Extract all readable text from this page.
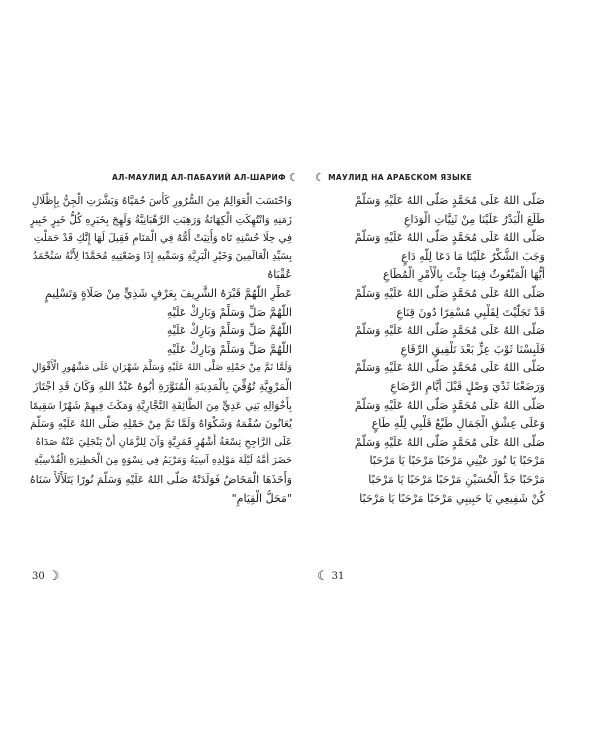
АЛ-МАУЛИД АЛ-ПАБАУИЙ АЛ-ШАРИФ ☾
وَاحْتَسَبَ الْعَوَالِمُ مِنَ السُّرُورِ كَأْسَ حُمَيَّاهُ وَبَشَّرَتِ الْجِنُّ بِإِظْلَالِ
زَمَنِهِ وَانْتُهِكَتِ الْكِهَانَةُ وَرَهِبَتِ الرَّهْبَانِيَّةُ وَلَهِجَ بِخَبَرِهِ كُلُّ خَبِرٍ خَبِيرٍ
فِي حِلَا حُسْنِهِ تَاهَ وَأُتِيَتْ أُمُّهُ فِي الْمَنَامِ فَقِيلَ لَهَا إِنَّكِ قَدْ حَمَلْتِ
بِسَيِّدِ الْعَالَمِينَ وَخَيْرِ الْبَرِيَّةِ وَسَمِّيهِ إِذَا وَضَعْتِيهِ مُحَمَّدًا لِأَنَّهُ سَتُحْمَدُ
عُقْبَاهُ
عَطِّرِ اللَّهُمَّ قَبْرَهُ الشَّرِيفَ بِعَرْفٍ شَذِيٍّ مِنْ صَلَاةٍ وَتَسْلِيمٍ
اللَّهُمَّ صَلِّ وَسَلِّمْ وَبَارِكْ عَلَيْهِ
اللَّهُمَّ صَلِّ وَسَلِّمْ وَبَارِكْ عَلَيْهِ
اللَّهُمَّ صَلِّ وَسَلِّمْ وَبَارِكْ عَلَيْهِ
وَلَمَّا تَمَّ مِنْ حَمْلِهِ صَلَّى اللهُ عَلَيْهِ وَسَلَّمَ شَهْرَانِ عَلَى مَشْهُورِ الْأَقْوَالِ
الْمَرْوِيَّةِ تُوُفِّيَ بِالْمَدِينَةِ الْمُنَوَّرَةِ أَبُوهُ عَبْدُ اللهِ وَكَانَ قَدِ اجْتَازَ
بِأَخْوَالِهِ بَنِي عَدِيٍّ مِنَ الطَّائِفَةِ النَّجَّارِيَّةِ وَمَكَثَ فِيهِمْ شَهْرًا سَقِيمًا
يُعَانُونَ سُقْمَهُ وَشَكْوَاهُ وَلَمَّا تَمَّ مِنْ حَمْلِهِ صَلَّى اللهُ عَلَيْهِ وَسَلَّمَ
عَلَى الرَّاجِحِ تِسْعَةُ أَشْهُرٍ قَمَرِيَّةٍ وَآنَ لِلزَّمَانِ أَنْ يَنْجَلِيَ عَنْهُ صَدَاهُ
حَضَرَ أُمَّهُ لَيْلَةَ مَوْلِدِهِ آسِيَةُ وَمَرْيَمُ فِي نِسْوَةٍ مِنَ الْحَظِيرَةِ الْقُدْسِيَّةِ
وَأَخَذَهَا الْمَخَاضُ فَوَلَدَتْهُ صَلَّى اللهُ عَلَيْهِ وَسَلَّمَ نُورًا يَتَلَأْلَأُ سَنَاهُ
"مَحَلُّ الْقِيَامِ"
30 ☽
☾ МАУЛИД НА АРАБСКОМ ЯЗЫКЕ
صَلَّى اللهُ عَلَى مُحَمَّدٍ صَلَّى اللهُ عَلَيْهِ وَسَلَّمْ
طَلَعَ الْبَدْرُ عَلَيْنَا مِنْ ثَنِيَّاتِ الْوَدَاعِ
صَلَّى اللهُ عَلَى مُحَمَّدٍ صَلَّى اللهُ عَلَيْهِ وَسَلَّمْ
وَجَبَ الشُّكْرُ عَلَيْنَا مَا دَعَا لِلَّهِ دَاعٍ
أَيُّهَا الْمَبْعُوثُ فِينَا جِئْتَ بِالْأَمْرِ الْمُطَاعِ
صَلَّى اللهُ عَلَى مُحَمَّدٍ صَلَّى اللهُ عَلَيْهِ وَسَلَّمْ
قَدْ تَجَلَّيْتَ لِقَلْبِي مُسْفِرًا دُونَ قِنَاعِ
صَلَّى اللهُ عَلَى مُحَمَّدٍ صَلَّى اللهُ عَلَيْهِ وَسَلَّمْ
فَلَبِسْنَا ثَوْبَ عِزٍّ بَعْدَ تَلْفِيقِ الرِّقَاعِ
صَلَّى اللهُ عَلَى مُحَمَّدٍ صَلَّى اللهُ عَلَيْهِ وَسَلَّمْ
وَرَضَعْنَا ثَدْيَ وَصْلٍ قَبْلَ أَيَّامِ الرَّضَاعِ
صَلَّى اللهُ عَلَى مُحَمَّدٍ صَلَّى اللهُ عَلَيْهِ وَسَلَّمْ
وَعَلَى عِشْقِ الْجَمَالِ طَبْعُ قَلْبِي لِلَّهِ طَاعٍ
صَلَّى اللهُ عَلَى مُحَمَّدٍ صَلَّى اللهُ عَلَيْهِ وَسَلَّمْ
مَرْحَبًا يَا نُورَ عَيْنِي مَرْحَبًا مَرْحَبًا يَا مَرْحَبًا
مَرْحَبًا جَدَّ الْحُسَيْنِ مَرْحَبًا مَرْحَبًا يَا مَرْحَبًا
كُنْ شَفِيعِي يَا حَبِيبِي مَرْحَبًا مَرْحَبًا يَا مَرْحَبًا
☾ 31
